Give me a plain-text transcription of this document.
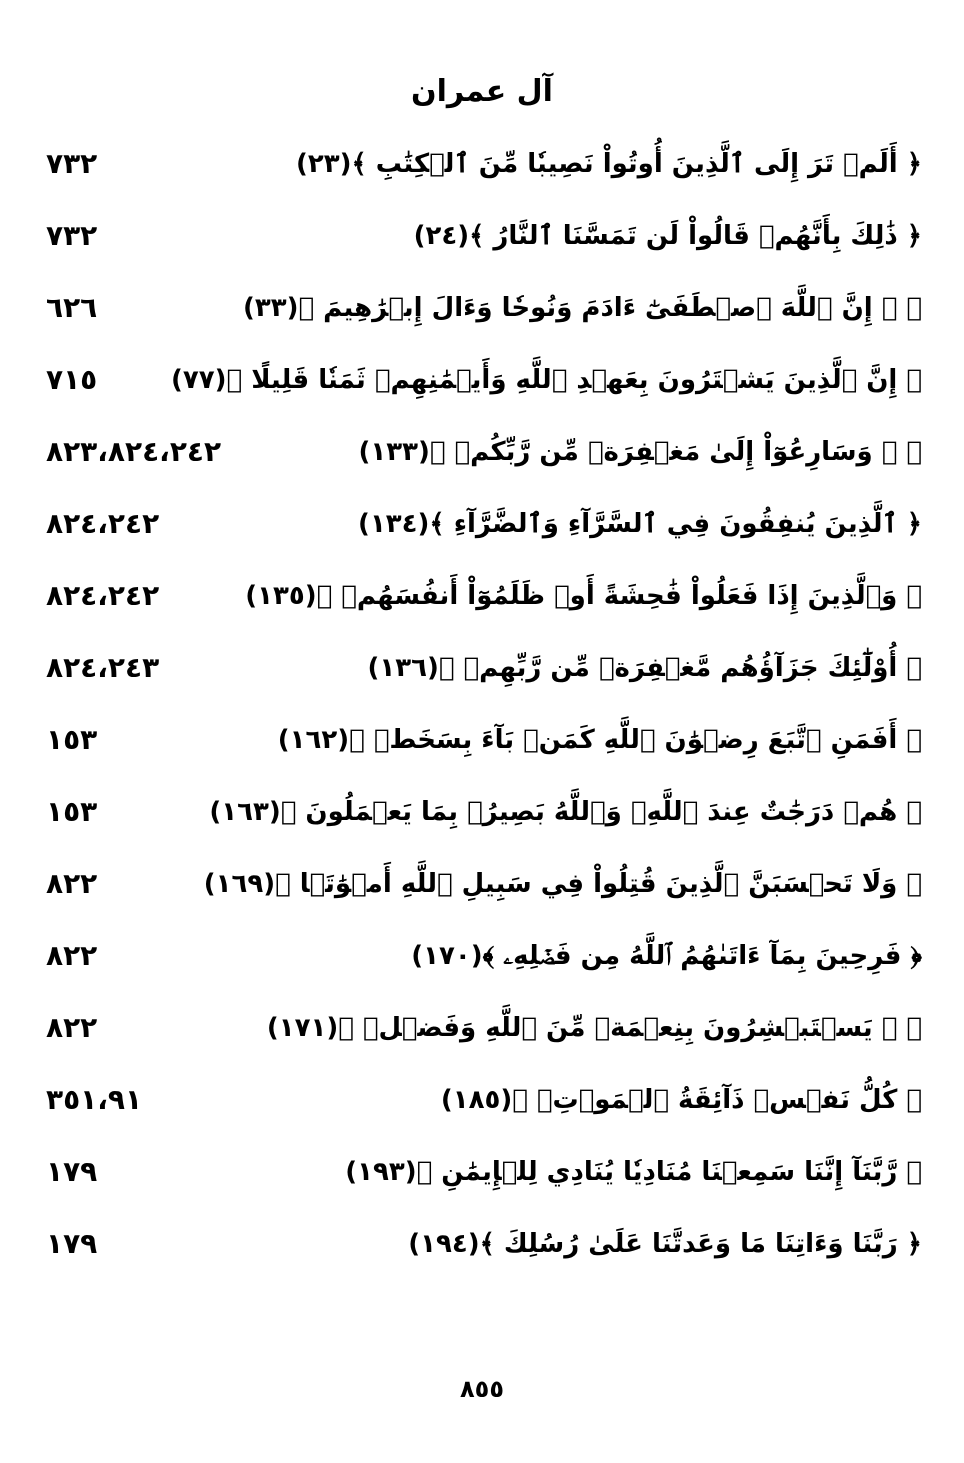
آل عمران
﴿ أَلَمۡ تَرَ إِلَى ٱلَّذِينَ أُوتُواْ نَصِيبٗا مِّنَ ٱلۡكِتَٰبِ ﴾(٢٣)
٧٣٢
﴿ ذَٰلِكَ بِأَنَّهُمۡ قَالُواْ لَن تَمَسَّنَا ٱلنَّارُ ﴾(٢٤)
٧٣٢
﴿ ۞ إِنَّ ٱللَّهَ ٱصۡطَفَىٰٓ ءَادَمَ وَنُوحٗا وَءَالَ إِبۡرَٰهِيمَ ﴾(٣٣)
٦٢٦
﴿ إِنَّ ٱلَّذِينَ يَشۡتَرُونَ بِعَهۡدِ ٱللَّهِ وَأَيۡمَٰنِهِمۡ ثَمَنٗا قَلِيلًا ﴾(٧٧)
٧١٥
﴿ ۞ وَسَارِعُوٓاْ إِلَىٰ مَغۡفِرَةٖ مِّن رَّبِّكُمۡ ﴾(١٣٣)
٨٢٣،٨٢٤،٢٤٢
﴿ ٱلَّذِينَ يُنفِقُونَ فِي ٱلسَّرَّآءِ وَٱلضَّرَّآءِ ﴾(١٣٤)
٨٢٤،٢٤٢
﴿ وَٱلَّذِينَ إِذَا فَعَلُواْ فَٰحِشَةً أَوۡ ظَلَمُوٓاْ أَنفُسَهُمۡ ﴾(١٣٥)
٨٢٤،٢٤٢
﴿ أُوْلَٰٓئِكَ جَزَآؤُهُم مَّغۡفِرَةٞ مِّن رَّبِّهِمۡ ﴾(١٣٦)
٨٢٤،٢٤٣
﴿ أَفَمَنِ ٱتَّبَعَ رِضۡوَٰنَ ٱللَّهِ كَمَنۢ بَآءَ بِسَخَطٖ ﴾(١٦٢)
١٥٣
﴿ هُمۡ دَرَجَٰتٌ عِندَ ٱللَّهِۗ وَٱللَّهُ بَصِيرُۢ بِمَا يَعۡمَلُونَ ﴾(١٦٣)
١٥٣
﴿ وَلَا تَحۡسَبَنَّ ٱلَّذِينَ قُتِلُواْ فِي سَبِيلِ ٱللَّهِ أَمۡوَٰتَۢا ﴾(١٦٩)
٨٢٢
﴿ فَرِحِينَ بِمَآ ءَاتَىٰهُمُ ٱللَّهُ مِن فَضۡلِهِۦ ﴾(١٧٠)
٨٢٢
﴿ ۞ يَسۡتَبۡشِرُونَ بِنِعۡمَةٖ مِّنَ ٱللَّهِ وَفَضۡلٖ ﴾(١٧١)
٨٢٢
﴿ كُلُّ نَفۡسٖ ذَآئِقَةُ ٱلۡمَوۡتِۗ ﴾(١٨٥)
٣٥١،٩١
﴿ رَّبَّنَآ إِنَّنَا سَمِعۡنَا مُنَادِيٗا يُنَادِي لِلۡإِيمَٰنِ ﴾(١٩٣)
١٧٩
﴿ رَبَّنَا وَءَاتِنَا مَا وَعَدتَّنَا عَلَىٰ رُسُلِكَ ﴾(١٩٤)
١٧٩
٨٥٥
